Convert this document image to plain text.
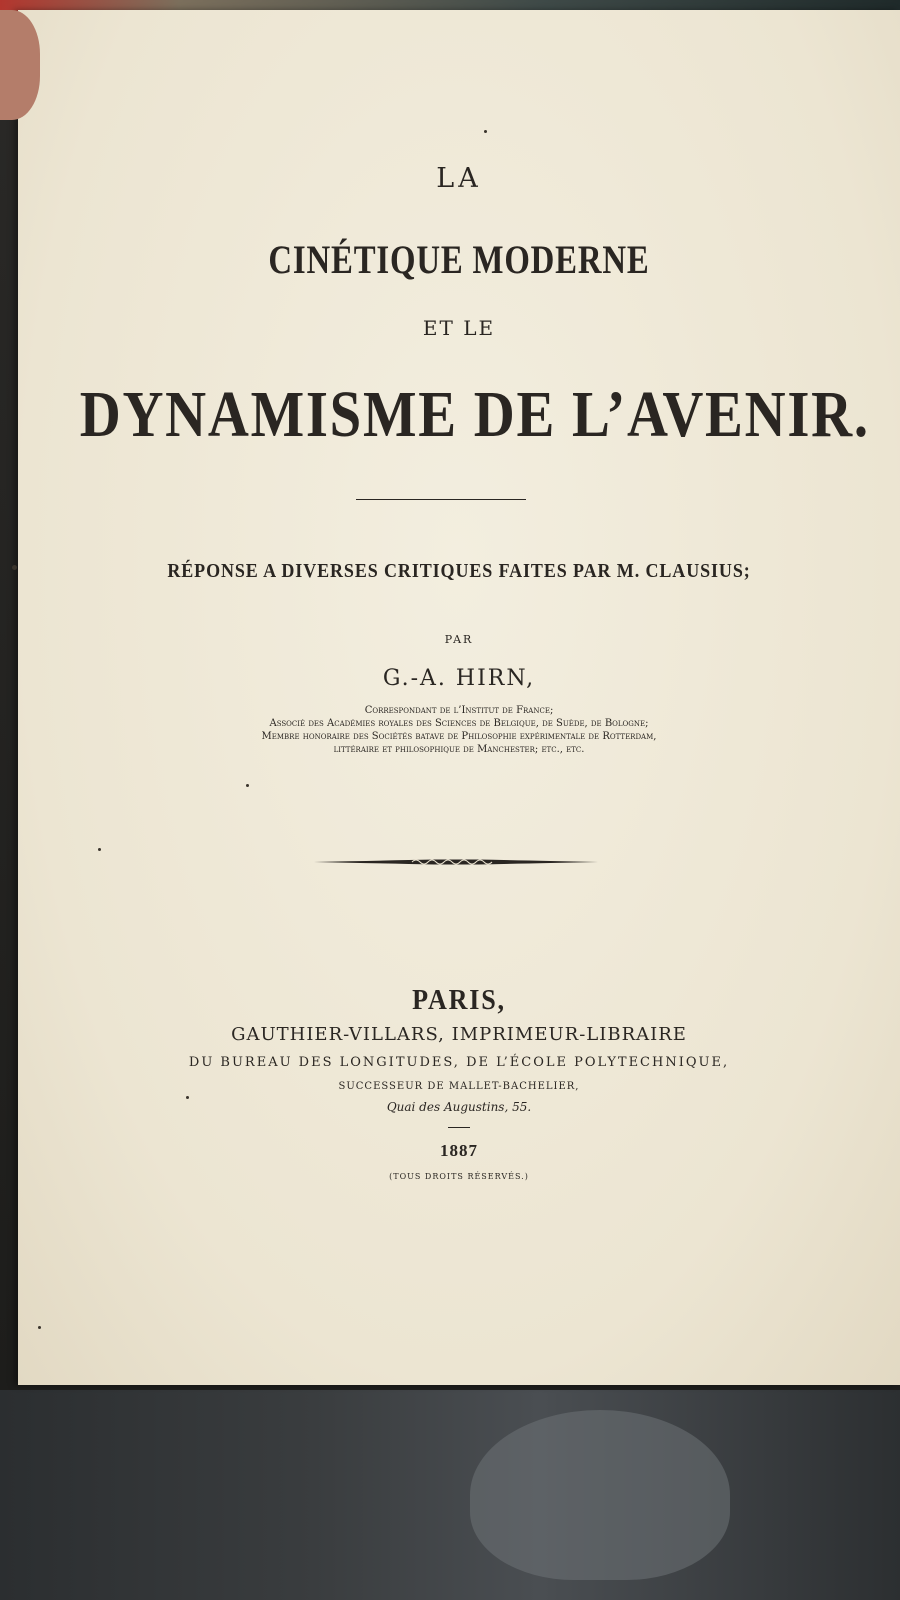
LA
CINÉTIQUE MODERNE
ET LE
DYNAMISME DE L’AVENIR.
RÉPONSE A DIVERSES CRITIQUES FAITES PAR M. CLAUSIUS;
PAR
G.-A. HIRN,
Correspondant de l’Institut de France;
Associé des Académies royales des Sciences de Belgique, de Suède, de Bologne;
Membre honoraire des Sociétés batave de Philosophie expérimentale de Rotterdam,
littéraire et philosophique de Manchester; etc., etc.
PARIS,
GAUTHIER-VILLARS, IMPRIMEUR-LIBRAIRE
DU BUREAU DES LONGITUDES, DE L’ÉCOLE POLYTECHNIQUE,
SUCCESSEUR DE MALLET-BACHELIER,
Quai des Augustins, 55.
1887
(TOUS DROITS RÉSERVÉS.)
